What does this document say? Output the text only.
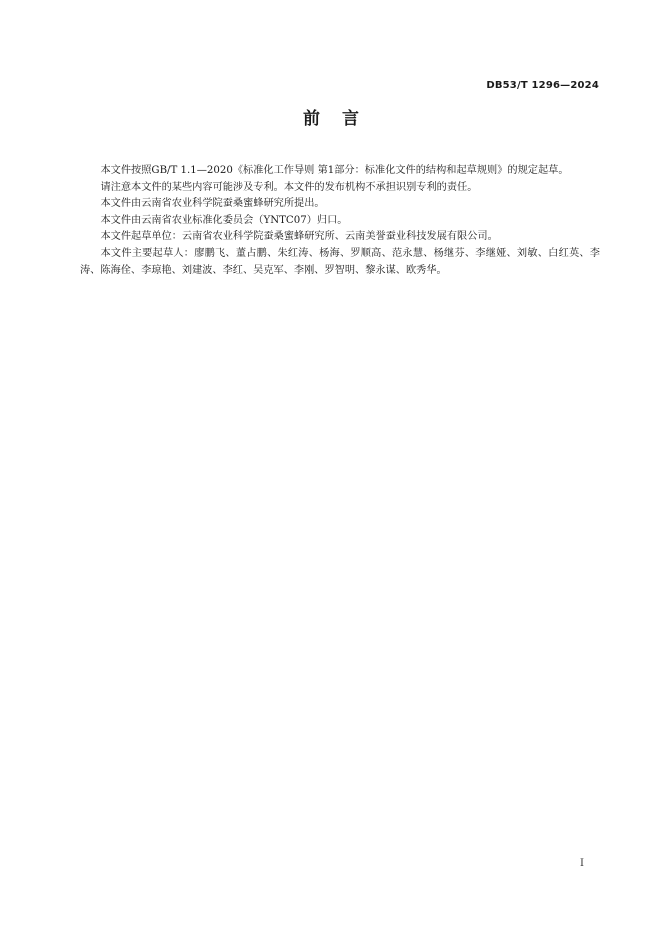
DB53/T 1296—2024
前言

本文件按照GB/T 1.1—2020《标准化工作导则 第1部分：标准化文件的结构和起草规则》的规定起草。

请注意本文件的某些内容可能涉及专利。本文件的发布机构不承担识别专利的责任。

本文件由云南省农业科学院蚕桑蜜蜂研究所提出。

本文件由云南省农业标准化委员会（YNTC07）归口。

本文件起草单位：云南省农业科学院蚕桑蜜蜂研究所、云南美誉蚕业科技发展有限公司。

本文件主要起草人：廖鹏飞、董占鹏、朱红涛、杨海、罗顺高、范永慧、杨继芬、李继娅、刘敏、白红英、李涛、陈海佺、李琼艳、刘建波、李红、吴克军、李刚、罗智明、黎永谋、欧秀华。

I
